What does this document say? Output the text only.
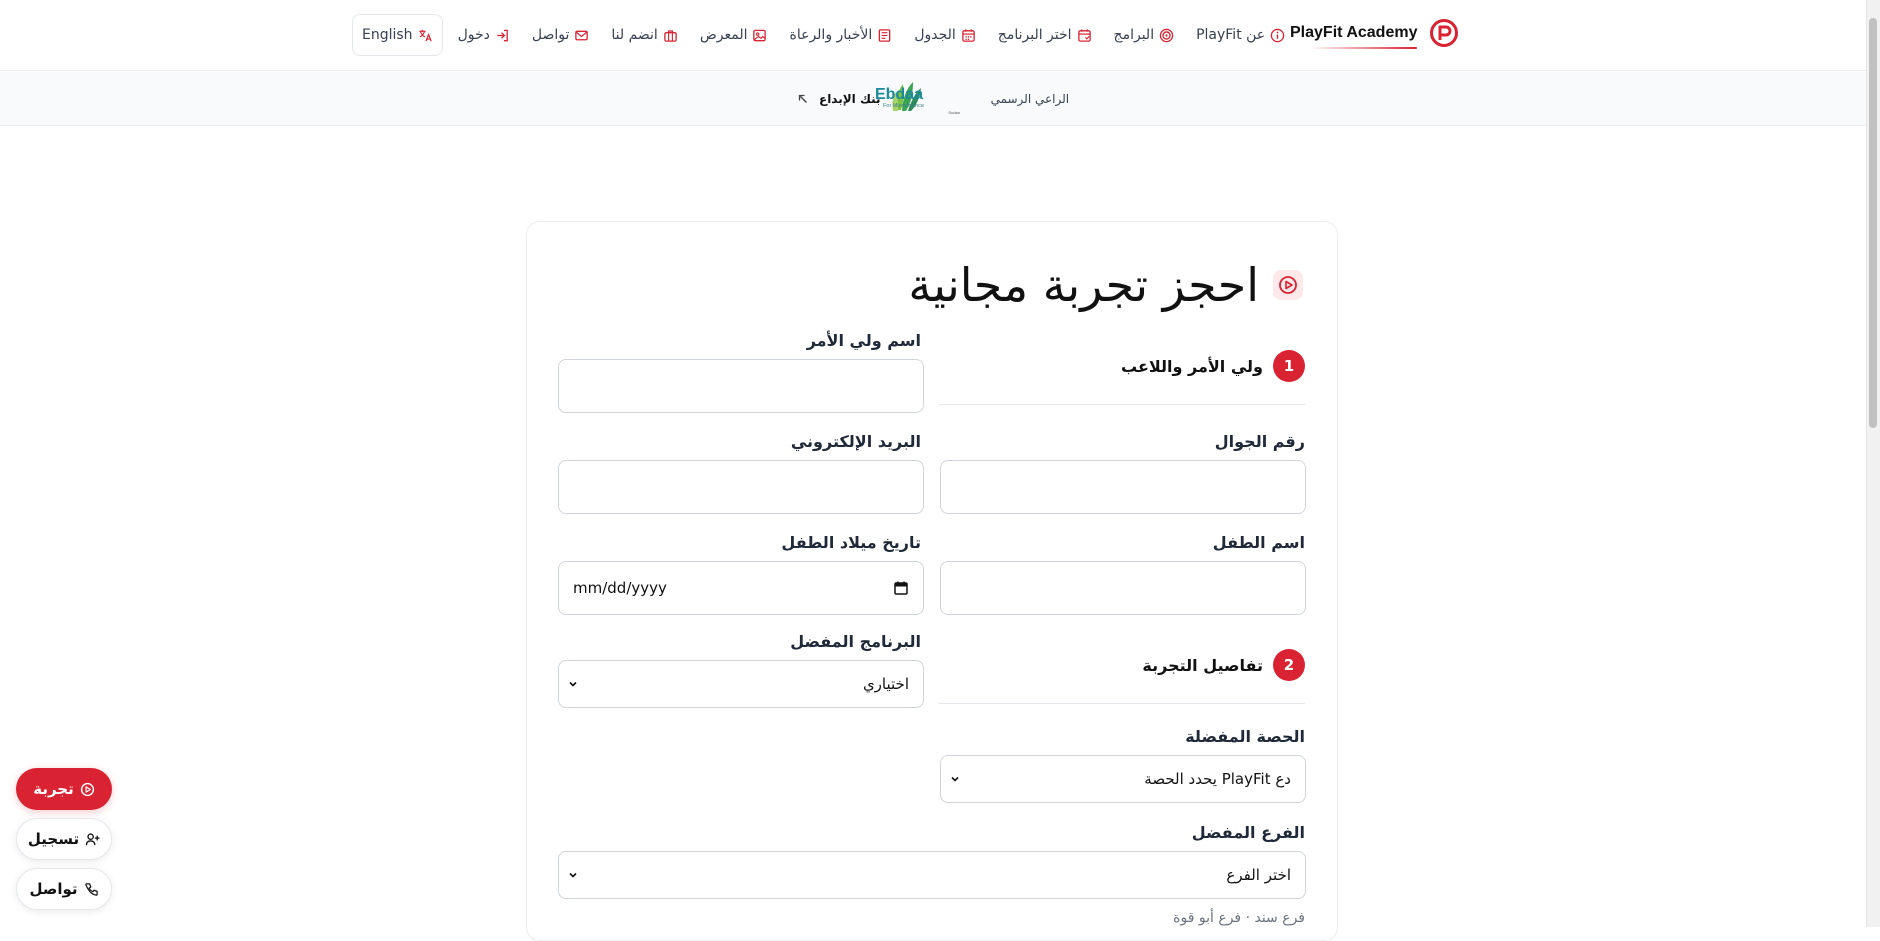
PlayFit Academy
عن PlayFit
البرامج
اختر البرنامج
الجدول
الأخبار والرعاة
المعرض
انضم لنا
تواصل
دخول
English
الراعي الرسمي
Ebdaa
For Microfinance
Sudan
بنك الإبداع
احجز تجربة مجانية
1
ولي الأمر واللاعب
اسم ولي الأمر
رقم الجوال
البريد الإلكتروني
اسم الطفل
تاريخ ميلاد الطفل
mm/dd/yyyy
2
تفاصيل التجربة
البرنامج المفضل
اختياري
الحصة المفضلة
دع PlayFit يحدد الحصة
الفرع المفضل
اختر الفرع
فرع سند · فرع أبو قوة
تجربة
تسجيل
تواصل
